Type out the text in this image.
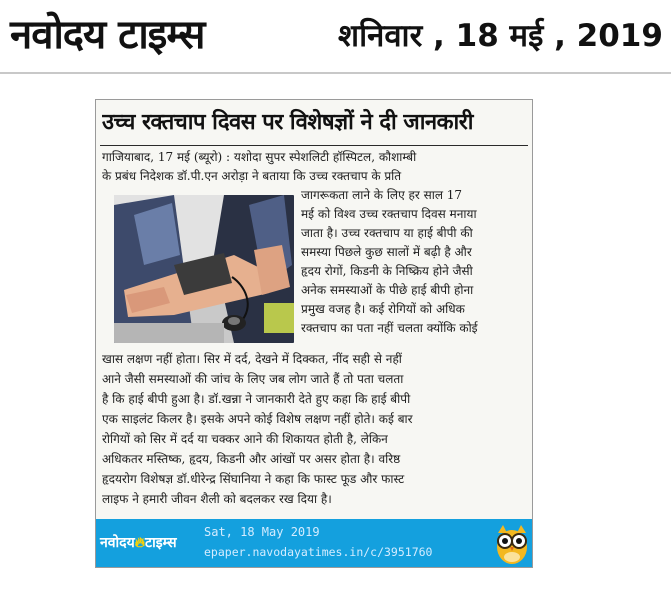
नवोदय टाइम्स	शनिवार , 18 मई , 2019
उच्च रक्तचाप दिवस पर विशेषज्ञों ने दी जानकारी

गाजियाबाद, 17 मई (ब्यूरो) : यशोदा सुपर स्पेशलिटी हॉस्पिटल, कौशाम्बी

के प्रबंध निदेशक डॉ.पी.एन अरोड़ा ने बताया कि उच्च रक्तचाप के प्रति

जागरूकता लाने के लिए हर साल 17

मई को विश्व उच्च रक्तचाप दिवस मनाया

जाता है। उच्च रक्तचाप या हाई बीपी की

समस्या पिछले कुछ सालों में बढ़ी है और

हृदय रोगों, किडनी के निष्क्रिय होने जैसी

अनेक समस्याओं के पीछे हाई बीपी होना

प्रमुख वजह है। कई रोगियों को अधिक

रक्तचाप का पता नहीं चलता क्योंकि कोई

खास लक्षण नहीं होता। सिर में दर्द, देखने में दिक्कत, नींद सही से नहीं

आने जैसी समस्याओं की जांच के लिए जब लोग जाते हैं तो पता चलता

है कि हाई बीपी हुआ है। डॉ.खन्ना ने जानकारी देते हुए कहा कि हाई बीपी

एक साइलंट किलर है। इसके अपने कोई विशेष लक्षण नहीं होते। कई बार

रोगियों को सिर में दर्द या चक्कर आने की शिकायत होती है, लेकिन

अधिकतर मस्तिष्क, हृदय, किडनी और आंखों पर असर होता है। वरिष्ठ

हृदयरोग विशेषज्ञ डॉ.धीरेन्द्र सिंघानिया ने कहा कि फास्ट फूड और फास्ट

लाइफ ने हमारी जीवन शैली को बदलकर रख दिया है।

नवोदय🔥︎टाइम्स
Sat, 18 May 2019
epaper.navodayatimes.in/c/3951760
